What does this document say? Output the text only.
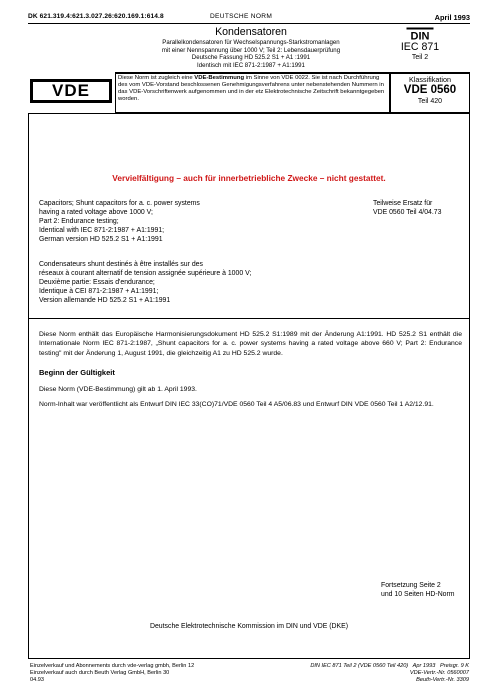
DK 621.319.4:621.3.027.26:620.169.1:614.8	DEUTSCHE NORM	April 1993
Kondensatoren
Parallelkondensatoren für Wechselspannungs-Starkstromanlagen
mit einer Nennspannung über 1000 V; Teil 2: Lebensdauerprüfung
Deutsche Fassung HD 525.2 S1 + A1 :1991
Identisch mit IEC 871-2:1987 + A1:1991
DIN
IEC 871
Teil 2
VDE
Diese Norm ist zugleich eine VDE-Bestimmung im Sinne von VDE 0022. Sie ist nach Durchführung des vom VDE-Vorstand beschlossenen Genehmigungsverfahrens unter nebenstehenden Nummern in das VDE-Vorschriftenwerk aufgenommen und in der etz Elektrotechnische Zeitschrift bekanntgegeben worden.
Klassifikation
VDE 0560
Teil 420
Vervielfältigung – auch für innerbetriebliche Zwecke – nicht gestattet.
Capacitors; Shunt capacitors for a. c. power systems
having a rated voltage above 1000 V;
Part 2: Endurance testing;
Identical with IEC 871-2:1987 + A1:1991;
German version HD 525.2 S1 + A1:1991
Teilweise Ersatz für
VDE 0560 Teil 4/04.73
Condensateurs shunt destinés à être installés sur des
réseaux à courant alternatif de tension assignée supérieure à 1000 V;
Deuxième partie: Essais d'endurance;
Identique à CEI 871-2:1987 + A1:1991;
Version allemande HD 525.2 S1 + A1:1991

Diese Norm enthält das Europäische Harmonisierungsdokument HD 525.2 S1:1989 mit der Änderung A1:1991. HD 525.2 S1 enthält die Internationale Norm IEC 871-2:1987, „Shunt capacitors for a. c. power systems having a rated voltage above 660 V; Part 2: Endurance testing" mit der Änderung 1, August 1991, die gleichzeitig A1 zu HD 525.2 wurde.

Beginn der Gültigkeit

Diese Norm (VDE-Bestimmung) gilt ab 1. April 1993.

Norm-Inhalt war veröffentlicht als Entwurf DIN IEC 33(CO)71/VDE 0560 Teil 4 A5/06.83 und Entwurf DIN VDE 0560 Teil 1 A2/12.91.

Fortsetzung Seite 2
und 10 Seiten HD-Norm
Deutsche Elektrotechnische Kommission im DIN und VDE (DKE)
Einzelverkauf und Abonnements durch vde-verlag gmbh, Berlin 12
Einzelverkauf auch durch Beuth Verlag GmbH, Berlin 30
04.93
DIN IEC 871 Teil 2 (VDE 0560 Teil 420)   Apr 1993   Preisgr. 9 K
VDE-Vertr.-Nr. 0560007
Beuth-Vertr.-Nr. 3309
